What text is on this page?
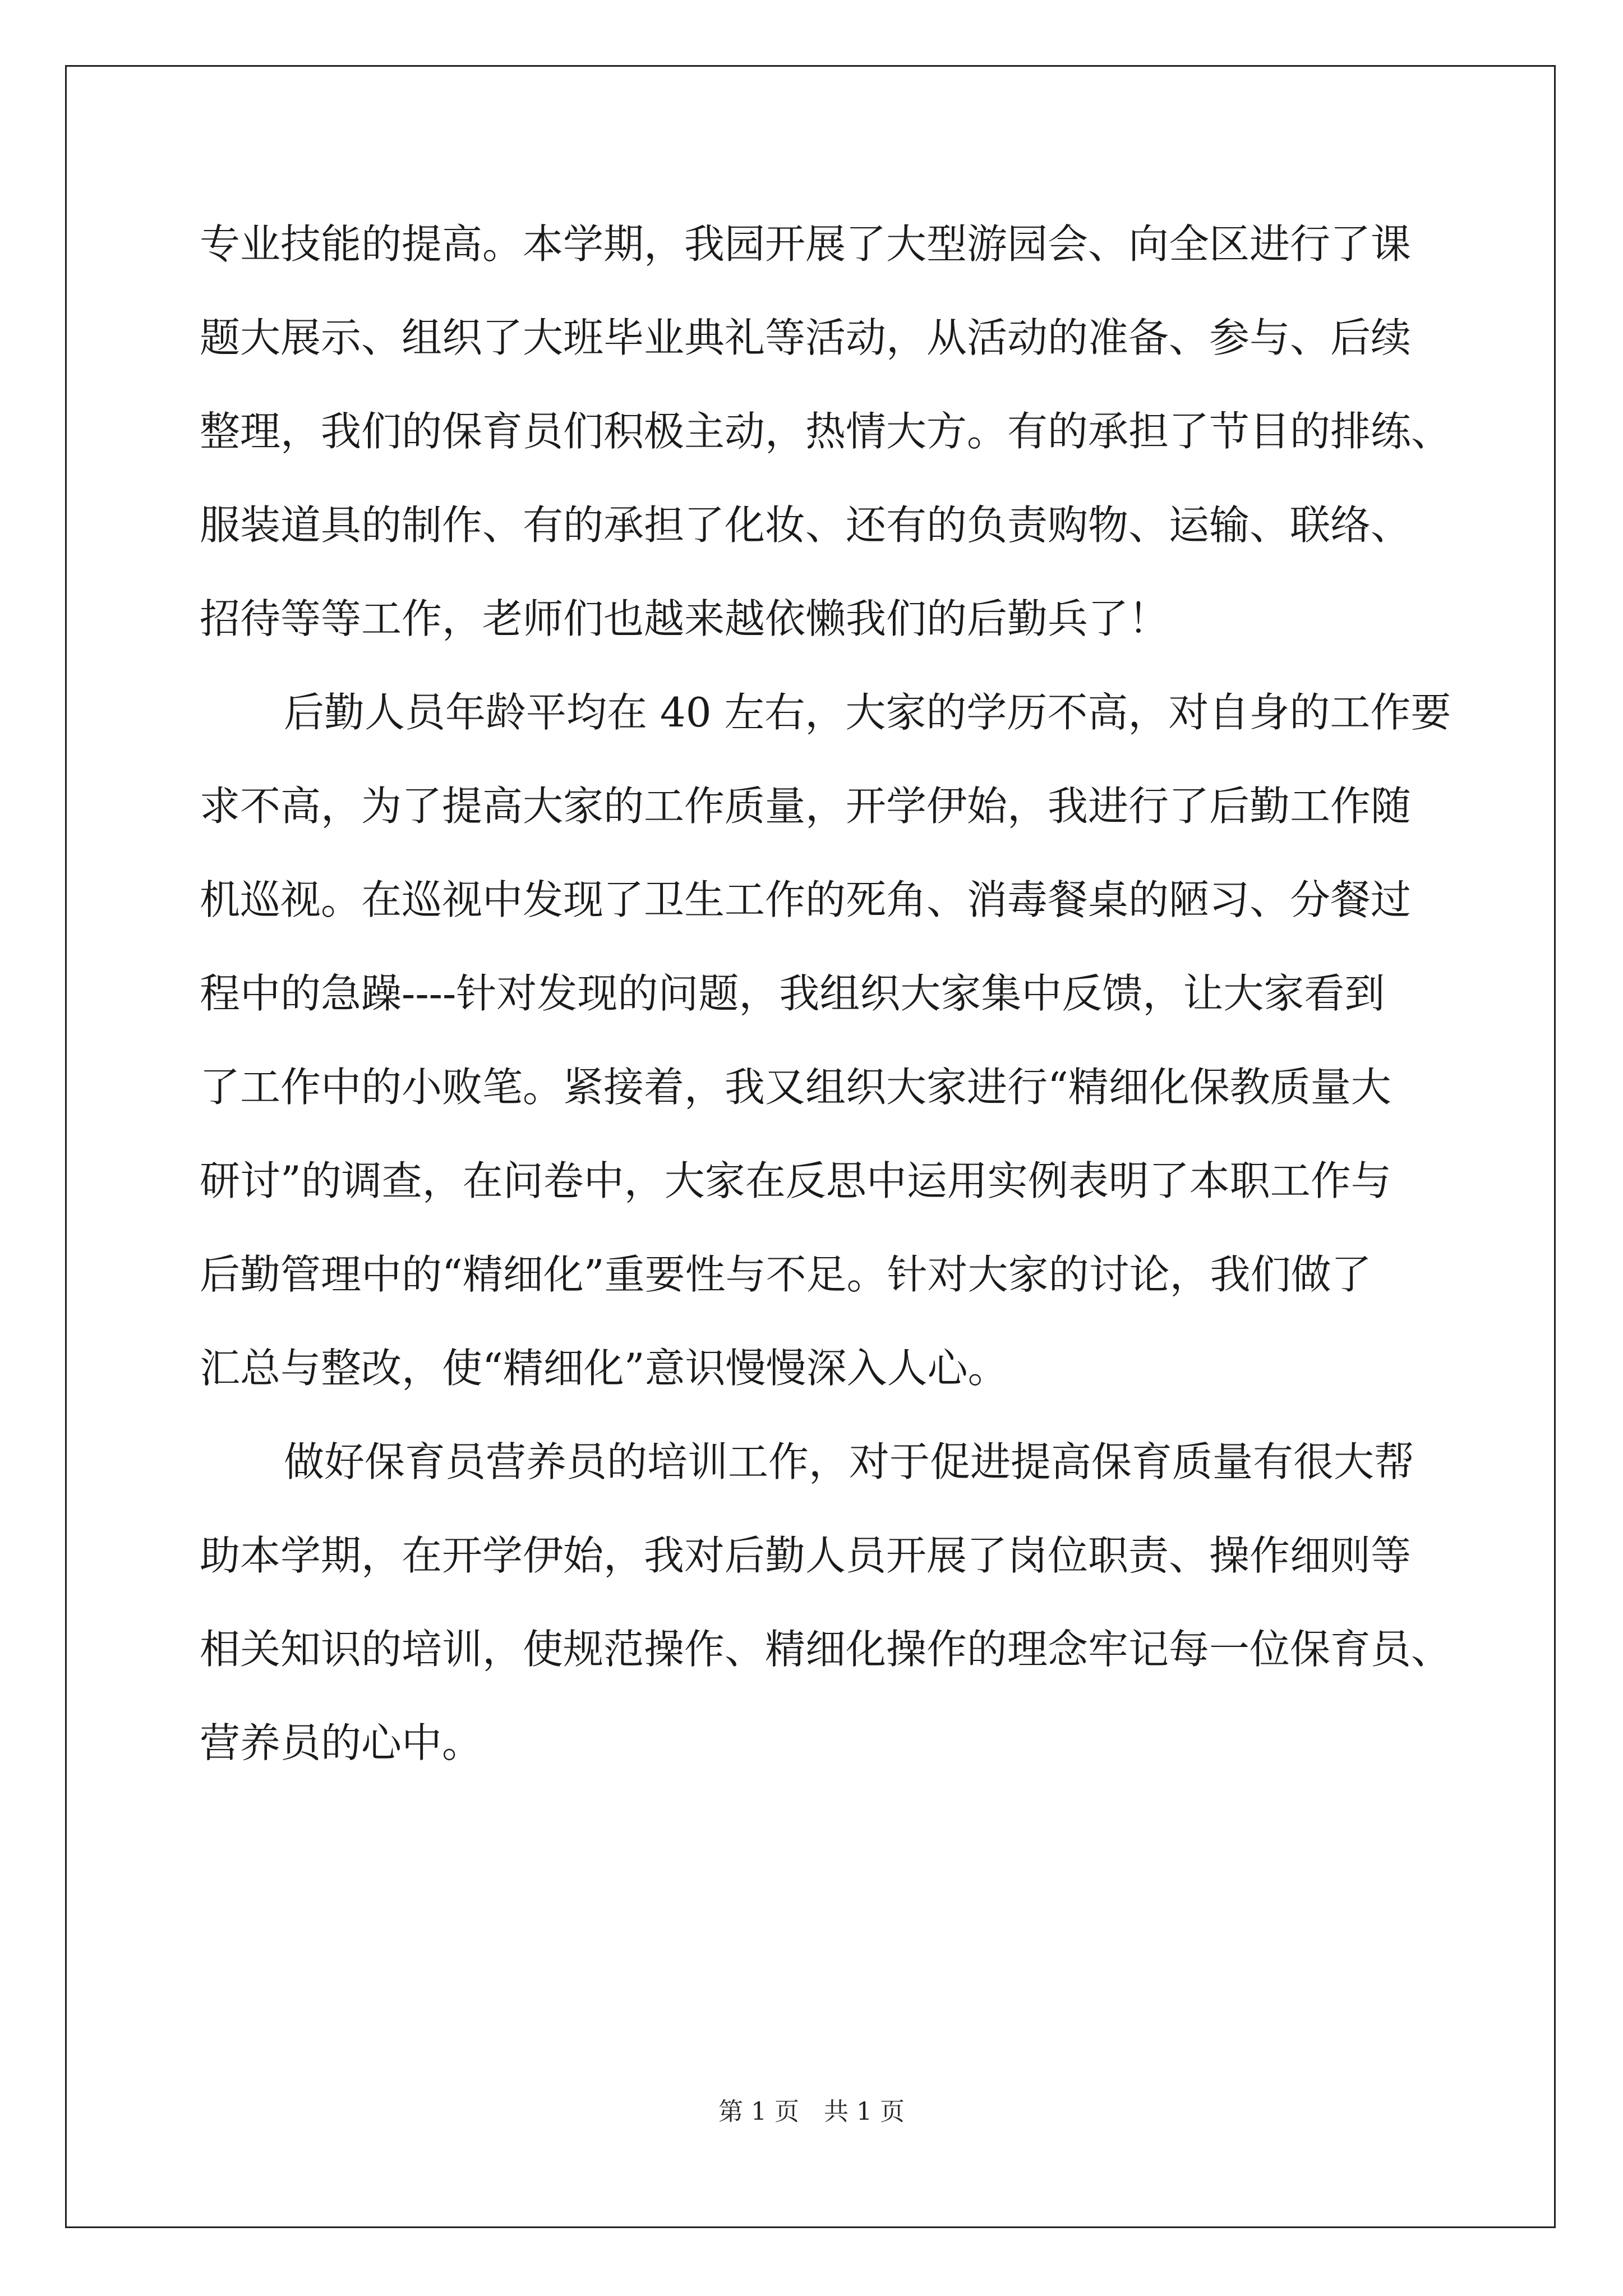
专业技能的提高。本学期，我园开展了大型游园会、向全区进行了课
题大展示、组织了大班毕业典礼等活动，从活动的准备、参与、后续
整理，我们的保育员们积极主动，热情大方。有的承担了节目的排练、
服装道具的制作、有的承担了化妆、还有的负责购物、运输、联络、
招待等等工作，老师们也越来越依懒我们的后勤兵了！
后勤人员年龄平均在 40 左右，大家的学历不高，对自身的工作要
求不高，为了提高大家的工作质量，开学伊始，我进行了后勤工作随
机巡视。在巡视中发现了卫生工作的死角、消毒餐桌的陋习、分餐过
程中的急躁----针对发现的问题，我组织大家集中反馈，让大家看到
了工作中的小败笔。紧接着，我又组织大家进行“精细化保教质量大
研讨”的调查，在问卷中，大家在反思中运用实例表明了本职工作与
后勤管理中的“精细化”重要性与不足。针对大家的讨论，我们做了
汇总与整改，使“精细化”意识慢慢深入人心。
做好保育员营养员的培训工作，对于促进提高保育质量有很大帮
助本学期，在开学伊始，我对后勤人员开展了岗位职责、操作细则等
相关知识的培训，使规范操作、精细化操作的理念牢记每一位保育员、
营养员的心中。
第 1 页　共 1 页
